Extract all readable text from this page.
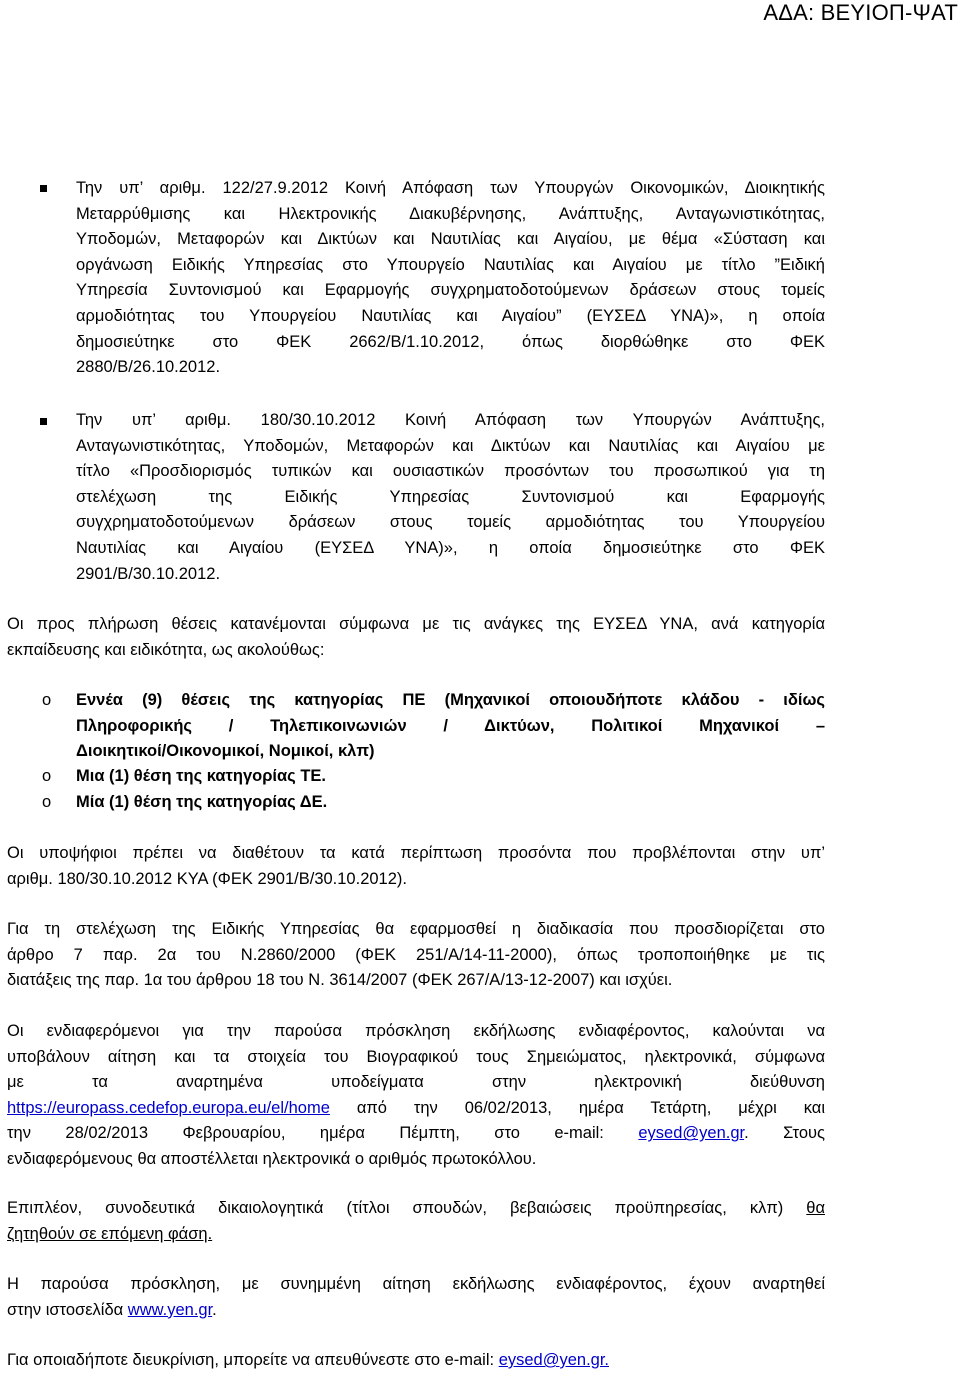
ΑΔΑ: ΒΕΥΙΟΠ-ΨΑΤ
Την υπ’ αριθμ. 122/27.9.2012 Κοινή Απόφαση των Υπουργών Οικονομικών, Διοικητικής
Μεταρρύθμισης και Ηλεκτρονικής Διακυβέρνησης, Ανάπτυξης, Ανταγωνιστικότητας,
Υποδομών, Μεταφορών και Δικτύων και Ναυτιλίας και Αιγαίου, με θέμα «Σύσταση και
οργάνωση Ειδικής Υπηρεσίας στο Υπουργείο Ναυτιλίας και Αιγαίου με τίτλο ”Ειδική
Υπηρεσία Συντονισμού και Εφαρμογής συγχρηματοδοτούμενων δράσεων στους τομείς
αρμοδιότητας του Υπουργείου Ναυτιλίας και Αιγαίου” (ΕΥΣΕΔ ΥΝΑ)», η οποία
δημοσιεύτηκε στο ΦΕΚ 2662/Β/1.10.2012, όπως διορθώθηκε στο ΦΕΚ
2880/Β/26.10.2012.
Την υπ’ αριθμ. 180/30.10.2012 Κοινή Απόφαση των Υπουργών Ανάπτυξης,
Ανταγωνιστικότητας, Υποδομών, Μεταφορών και Δικτύων και Ναυτιλίας και Αιγαίου με
τίτλο «Προσδιορισμός τυπικών και ουσιαστικών προσόντων του προσωπικού για τη
στελέχωση της Ειδικής Υπηρεσίας Συντονισμού και Εφαρμογής
συγχρηματοδοτούμενων δράσεων στους τομείς αρμοδιότητας του Υπουργείου
Ναυτιλίας και Αιγαίου (ΕΥΣΕΔ ΥΝΑ)», η οποία δημοσιεύτηκε στο ΦΕΚ
2901/Β/30.10.2012.
Οι προς πλήρωση θέσεις κατανέμονται σύμφωνα με τις ανάγκες της ΕΥΣΕΔ ΥΝΑ, ανά κατηγορία
εκπαίδευσης και ειδικότητα, ως ακολούθως:
o Εννέα (9) θέσεις της κατηγορίας ΠΕ (Μηχανικοί οποιουδήποτε κλάδου - ιδίως
Πληροφορικής / Τηλεπικοινωνιών / Δικτύων, Πολιτικοί Μηχανικοί –
Διοικητικοί/Οικονομικοί, Νομικοί, κλπ)
o Μια (1) θέση της κατηγορίας ΤΕ.
o Μία (1) θέση της κατηγορίας ΔΕ.
Οι υποψήφιοι πρέπει να διαθέτουν τα κατά περίπτωση προσόντα που προβλέπονται στην υπ’
αριθμ. 180/30.10.2012 ΚΥΑ (ΦΕΚ 2901/Β/30.10.2012).
Για τη στελέχωση της Ειδικής Υπηρεσίας θα εφαρμοσθεί η διαδικασία που προσδιορίζεται στο
άρθρο 7 παρ. 2α του Ν.2860/2000 (ΦΕΚ 251/Α/14-11-2000), όπως τροποποιήθηκε με τις
διατάξεις της παρ. 1α του άρθρου 18 του Ν. 3614/2007 (ΦΕΚ 267/Α/13-12-2007) και ισχύει.
Οι ενδιαφερόμενοι για την παρούσα πρόσκληση εκδήλωσης ενδιαφέροντος, καλούνται να
υποβάλουν αίτηση και τα στοιχεία του Βιογραφικού τους Σημειώματος, ηλεκτρονικά, σύμφωνα
με τα αναρτημένα υποδείγματα στην ηλεκτρονική διεύθυνση
https://europass.cedefop.europa.eu/el/home από την 06/02/2013, ημέρα Τετάρτη, μέχρι και
την 28/02/2013 Φεβρουαρίου, ημέρα Πέμπτη, στο e-mail: eysed@yen.gr. Στους
ενδιαφερόμενους θα αποστέλλεται ηλεκτρονικά ο αριθμός πρωτοκόλλου.
Επιπλέον, συνοδευτικά δικαιολογητικά (τίτλοι σπουδών, βεβαιώσεις προϋπηρεσίας, κλπ) θα
ζητηθούν σε επόμενη φάση.
Η παρούσα πρόσκληση, με συνημμένη αίτηση εκδήλωσης ενδιαφέροντος, έχουν αναρτηθεί
στην ιστοσελίδα www.yen.gr.
Για οποιαδήποτε διευκρίνιση, μπορείτε να απευθύνεστε στο e-mail: eysed@yen.gr.
